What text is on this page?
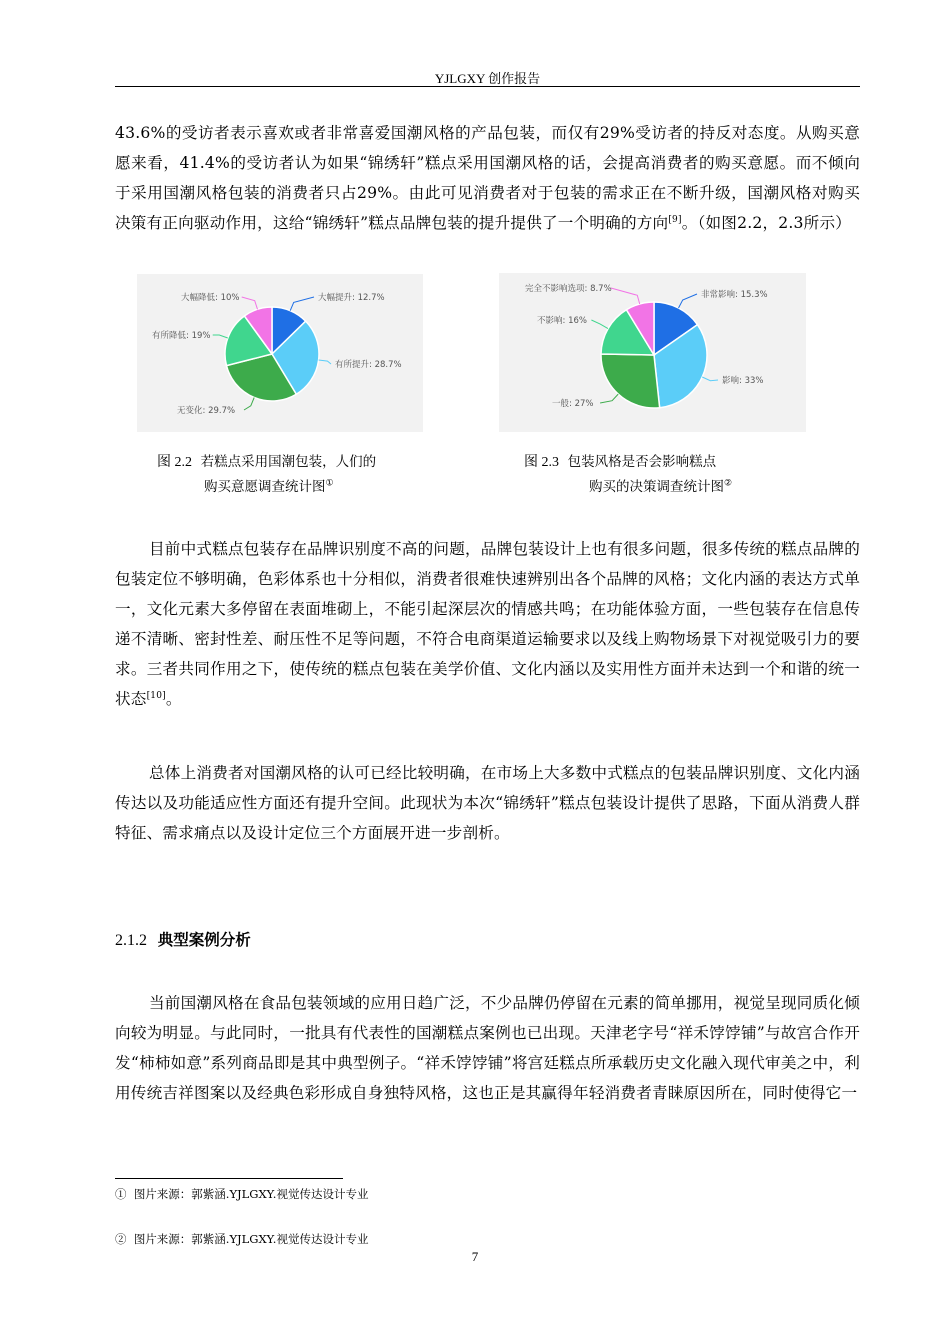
YJLGXY 创作报告
43.6%的受访者表示喜欢或者非常喜爱国潮风格的产品包装，而仅有29%受访者的持反对态度。从购买意愿来看，41.4%的受访者认为如果“锦绣轩”糕点采用国潮风格的话，会提高消费者的购买意愿。而不倾向于采用国潮风格包装的消费者只占29%。由此可见消费者对于包装的需求正在不断升级，国潮风格对购买决策有正向驱动作用，这给“锦绣轩”糕点品牌包装的提升提供了一个明确的方向[9]。（如图2.2，2.3所示）
大幅提升: 12.7%
有所提升: 28.7%
无变化: 29.7%
有所降低: 19%
大幅降低: 10%	非常影响: 15.3%
影响: 33%
一般: 27%
不影响: 16%
完全不影响选项: 8.7%
图 2.2 若糕点采用国潮包装，人们的
购买意愿调查统计图①
图 2.3 包装风格是否会影响糕点
购买的决策调查统计图②
目前中式糕点包装存在品牌识别度不高的问题，品牌包装设计上也有很多问题，很多传统的糕点品牌的包装定位不够明确，色彩体系也十分相似，消费者很难快速辨别出各个品牌的风格；文化内涵的表达方式单一，文化元素大多停留在表面堆砌上，不能引起深层次的情感共鸣；在功能体验方面，一些包装存在信息传递不清晰、密封性差、耐压性不足等问题，不符合电商渠道运输要求以及线上购物场景下对视觉吸引力的要求。三者共同作用之下，使传统的糕点包装在美学价值、文化内涵以及实用性方面并未达到一个和谐的统一状态[10]。
总体上消费者对国潮风格的认可已经比较明确，在市场上大多数中式糕点的包装品牌识别度、文化内涵传达以及功能适应性方面还有提升空间。此现状为本次“锦绣轩”糕点包装设计提供了思路，下面从消费人群特征、需求痛点以及设计定位三个方面展开进一步剖析。
2.1.2 典型案例分析
当前国潮风格在食品包装领域的应用日趋广泛，不少品牌仍停留在元素的简单挪用，视觉呈现同质化倾向较为明显。与此同时，一批具有代表性的国潮糕点案例也已出现。天津老字号“祥禾饽饽铺”与故宫合作开发“柿柿如意”系列商品即是其中典型例子。“祥禾饽饽铺”将宫廷糕点所承载历史文化融入现代审美之中，利用传统吉祥图案以及经典色彩形成自身独特风格，这也正是其赢得年轻消费者青睐原因所在，同时使得它一
① 图片来源：郭紫涵.YJLGXY.视觉传达设计专业
② 图片来源：郭紫涵.YJLGXY.视觉传达设计专业
7
